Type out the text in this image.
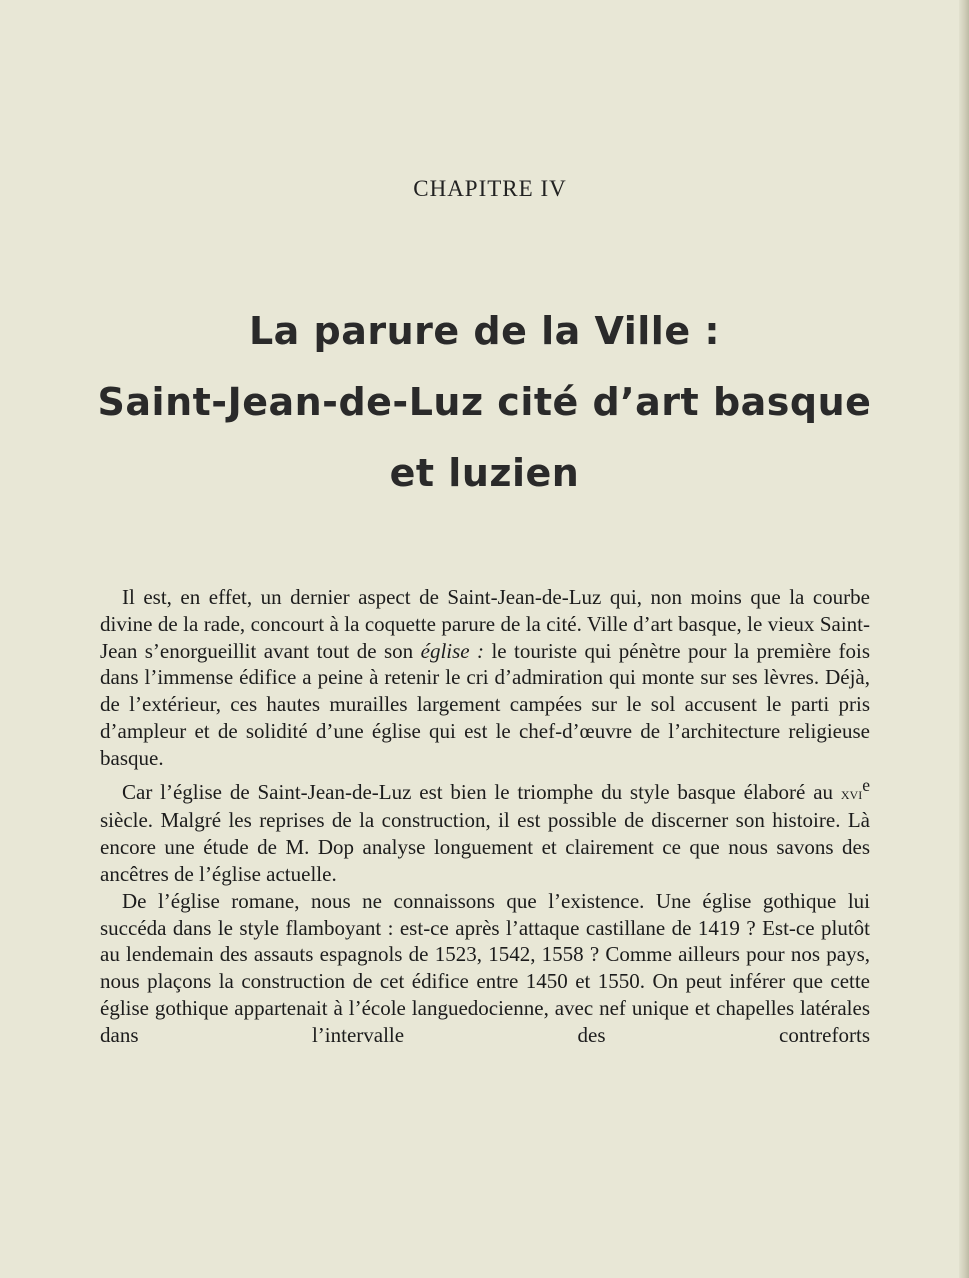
CHAPITRE IV
La parure de la Ville :
Saint-Jean-de-Luz cité d’art basque
et luzien

Il est, en effet, un dernier aspect de Saint-Jean-de-Luz qui, non moins que la courbe divine de la rade, concourt à la coquette parure de la cité. Ville d’art basque, le vieux Saint-Jean s’enorgueillit avant tout de son église : le touriste qui pénètre pour la première fois dans l’immense édifice a peine à retenir le cri d’admiration qui monte sur ses lèvres. Déjà, de l’extérieur, ces hautes murailles largement campées sur le sol accusent le parti pris d’ampleur et de solidité d’une église qui est le chef-d’œuvre de l’architecture religieuse basque.

Car l’église de Saint-Jean-de-Luz est bien le triomphe du style basque élaboré au xvi$^e$ siècle. Malgré les reprises de la construction, il est possible de discerner son histoire. Là encore une étude de M. Dop analyse longuement et clairement ce que nous savons des ancêtres de l’église actuelle.

De l’église romane, nous ne connaissons que l’existence. Une église gothique lui succéda dans le style flamboyant : est-ce après l’attaque castillane de 1419 ? Est-ce plutôt au lendemain des assauts espagnols de 1523, 1542, 1558 ? Comme ailleurs pour nos pays, nous plaçons la construction de cet édifice entre 1450 et 1550. On peut inférer que cette église gothique appartenait à l’école languedocienne, avec nef unique et chapelles latérales dans l’intervalle des contreforts
